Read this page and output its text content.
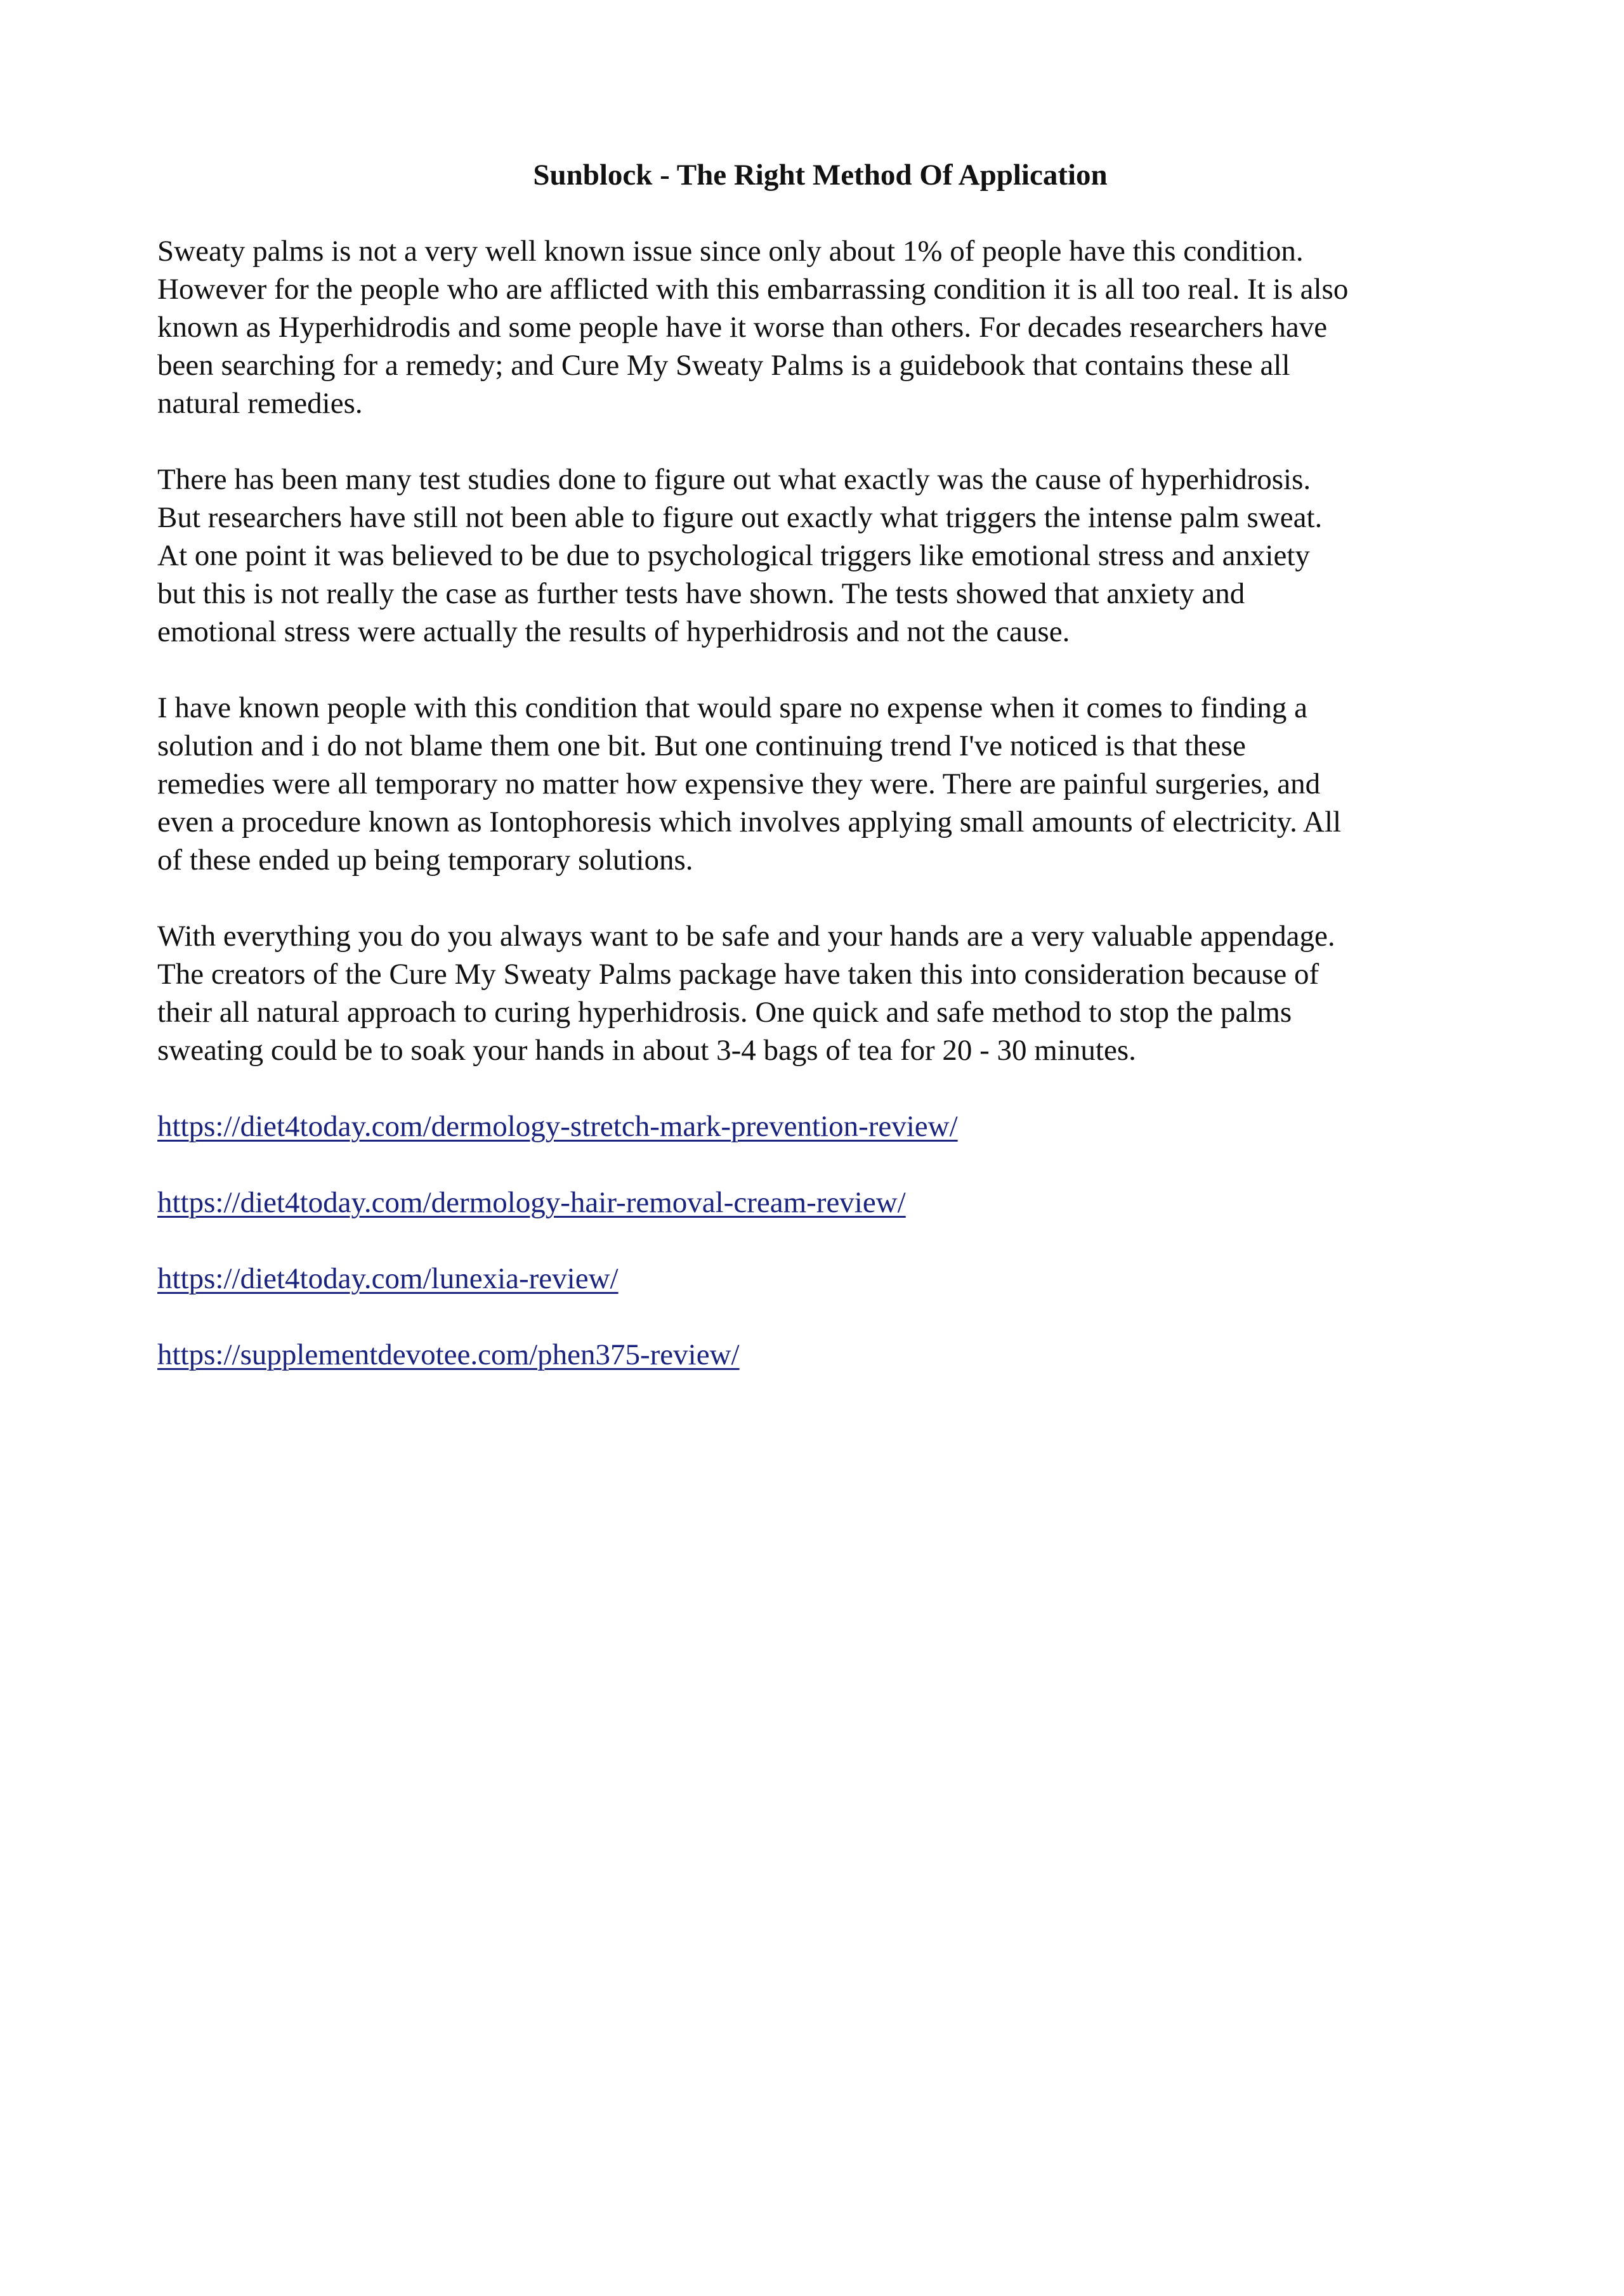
Sunblock - The Right Method Of Application

Sweaty palms is not a very well known issue since only about 1% of people have this condition.
However for the people who are afflicted with this embarrassing condition it is all too real. It is also
known as Hyperhidrodis and some people have it worse than others. For decades researchers have
been searching for a remedy; and Cure My Sweaty Palms is a guidebook that contains these all
natural remedies.

There has been many test studies done to figure out what exactly was the cause of hyperhidrosis.
But researchers have still not been able to figure out exactly what triggers the intense palm sweat.
At one point it was believed to be due to psychological triggers like emotional stress and anxiety
but this is not really the case as further tests have shown. The tests showed that anxiety and
emotional stress were actually the results of hyperhidrosis and not the cause.

I have known people with this condition that would spare no expense when it comes to finding a
solution and i do not blame them one bit. But one continuing trend I've noticed is that these
remedies were all temporary no matter how expensive they were. There are painful surgeries, and
even a procedure known as Iontophoresis which involves applying small amounts of electricity. All
of these ended up being temporary solutions.

With everything you do you always want to be safe and your hands are a very valuable appendage.
The creators of the Cure My Sweaty Palms package have taken this into consideration because of
their all natural approach to curing hyperhidrosis. One quick and safe method to stop the palms
sweating could be to soak your hands in about 3-4 bags of tea for 20 - 30 minutes.

https://diet4today.com/dermology-stretch-mark-prevention-review/

https://diet4today.com/dermology-hair-removal-cream-review/

https://diet4today.com/lunexia-review/

https://supplementdevotee.com/phen375-review/
